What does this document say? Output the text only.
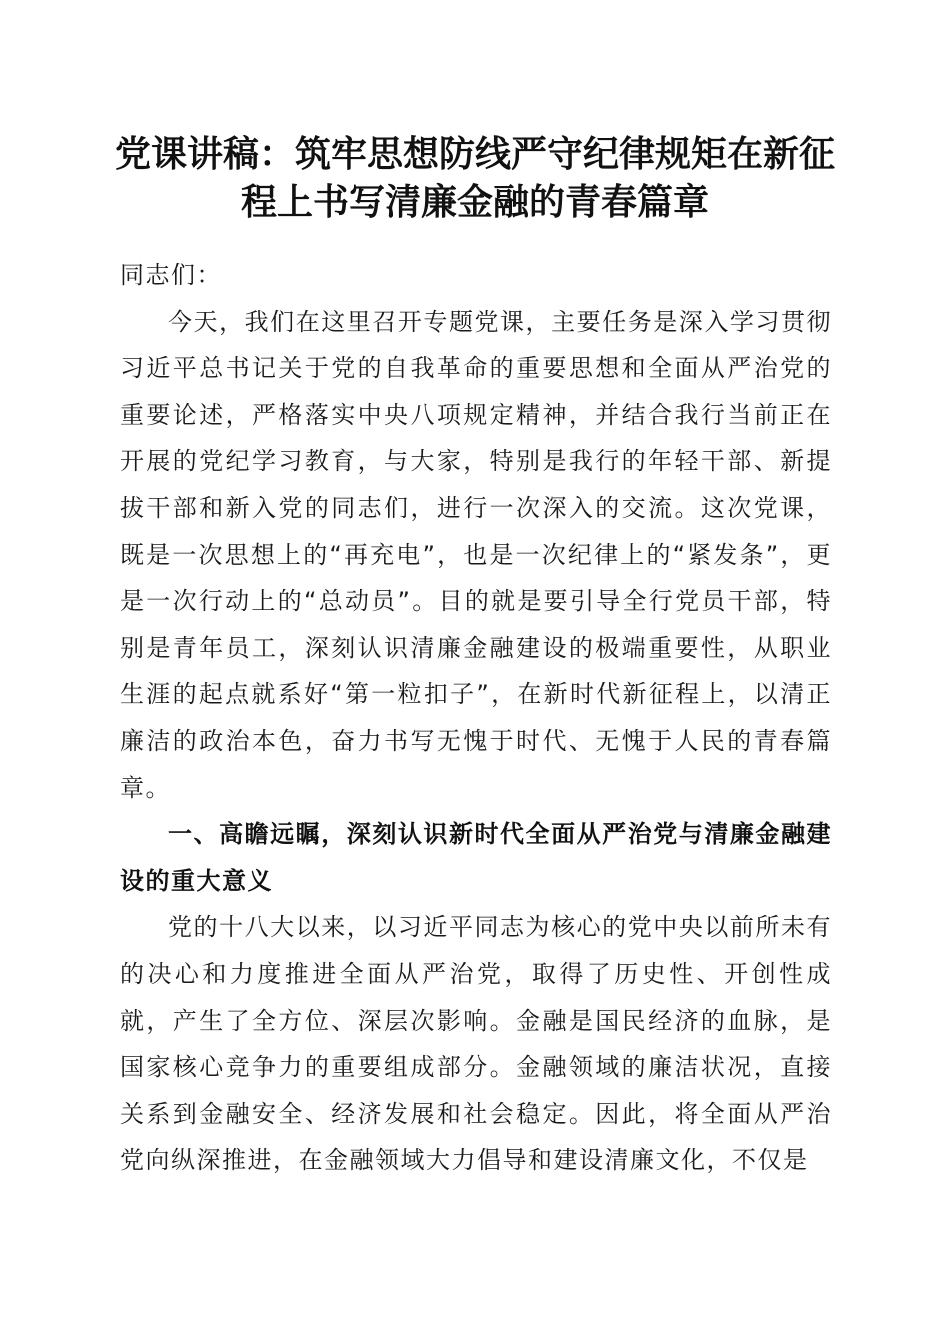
党课讲稿：筑牢思想防线严守纪律规矩在新征
程上书写清廉金融的青春篇章

同志们：

今天，我们在这里召开专题党课，主要任务是深入学习贯彻习近平总书记关于党的自我革命的重要思想和全面从严治党的重要论述，严格落实中央八项规定精神，并结合我行当前正在开展的党纪学习教育，与大家，特别是我行的年轻干部、新提拔干部和新入党的同志们，进行一次深入的交流。这次党课，既是一次思想上的“再充电”，也是一次纪律上的“紧发条”，更是一次行动上的“总动员”。目的就是要引导全行党员干部，特别是青年员工，深刻认识清廉金融建设的极端重要性，从职业生涯的起点就系好“第一粒扣子”，在新时代新征程上，以清正廉洁的政治本色，奋力书写无愧于时代、无愧于人民的青春篇章。

一、高瞻远瞩，深刻认识新时代全面从严治党与清廉金融建设的重大意义

党的十八大以来，以习近平同志为核心的党中央以前所未有的决心和力度推进全面从严治党，取得了历史性、开创性成就，产生了全方位、深层次影响。金融是国民经济的血脉，是国家核心竞争力的重要组成部分。金融领域的廉洁状况，直接关系到金融安全、经济发展和社会稳定。因此，将全面从严治党向纵深推进，在金融领域大力倡导和建设清廉文化，不仅是
